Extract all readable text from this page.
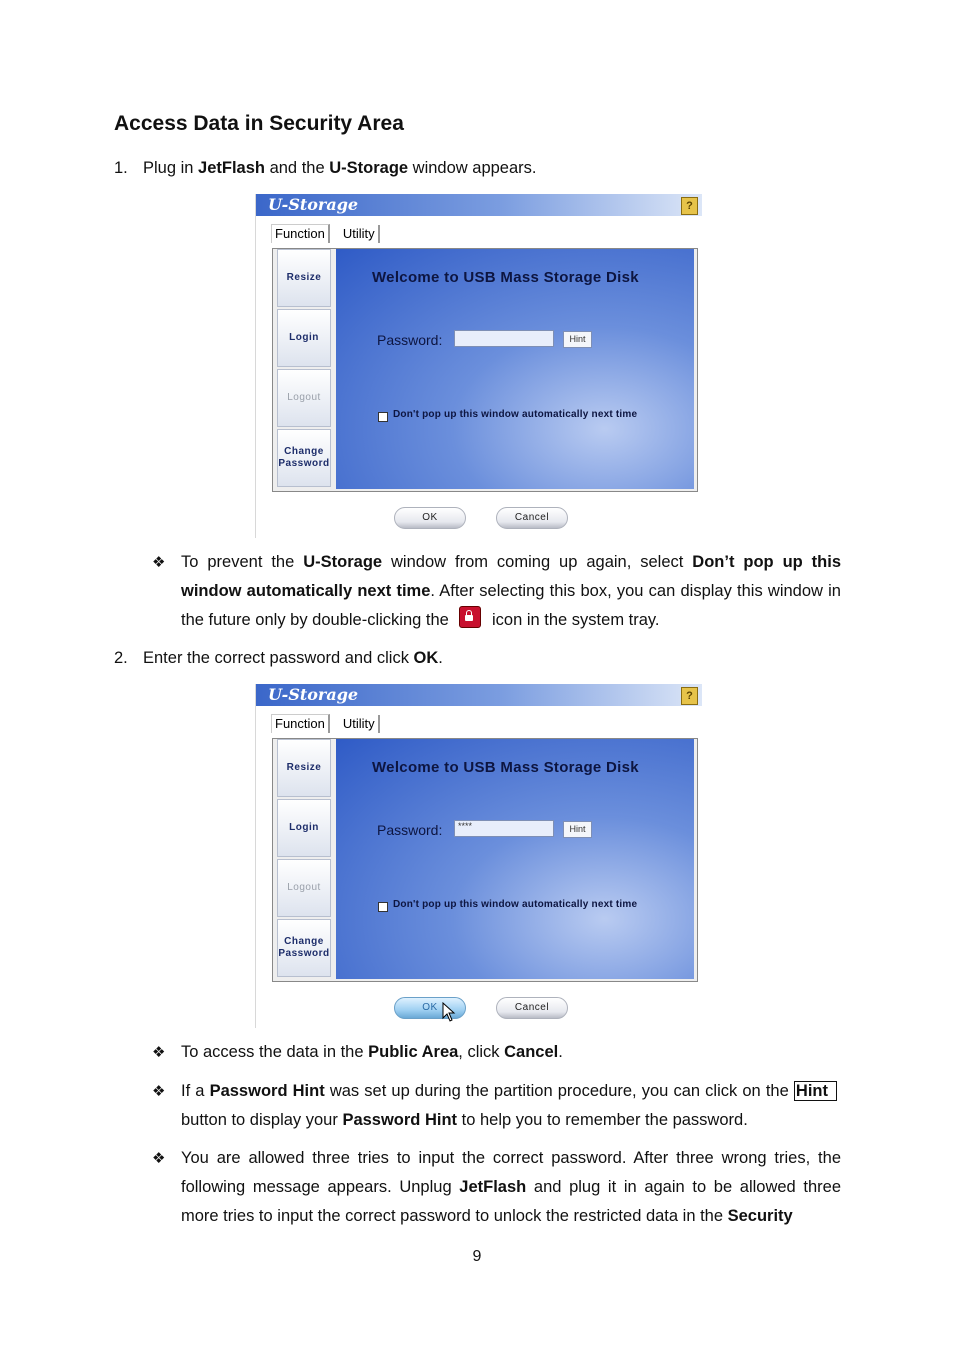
Access Data in Security Area
1. Plug in JetFlash and the U-Storage window appears.
U-Storage	?
Function Utility
Resize
Login
Logout
Change Password
Welcome to USB Mass Storage Disk
Password:	Hint
Don't pop up this window automatically next time
OK	Cancel
❖ To prevent the U-Storage window from coming up again, select Don’t pop up this window automatically next time. After selecting this box, you can display this window in the future only by double-clicking the  icon in the system tray.
2. Enter the correct password and click OK.
U-Storage	?
Function Utility
Resize
Login
Logout
Change Password
Welcome to USB Mass Storage Disk
Password:	****	Hint
Don't pop up this window automatically next time
OK	Cancel
❖ To access the data in the Public Area, click Cancel.
❖ If a Password Hint was set up during the partition procedure, you can click on the Hint button to display your Password Hint to help you to remember the password.
❖ You are allowed three tries to input the correct password. After three wrong tries, the following message appears. Unplug JetFlash and plug it in again to be allowed three more tries to input the correct password to unlock the restricted data in the Security
9
